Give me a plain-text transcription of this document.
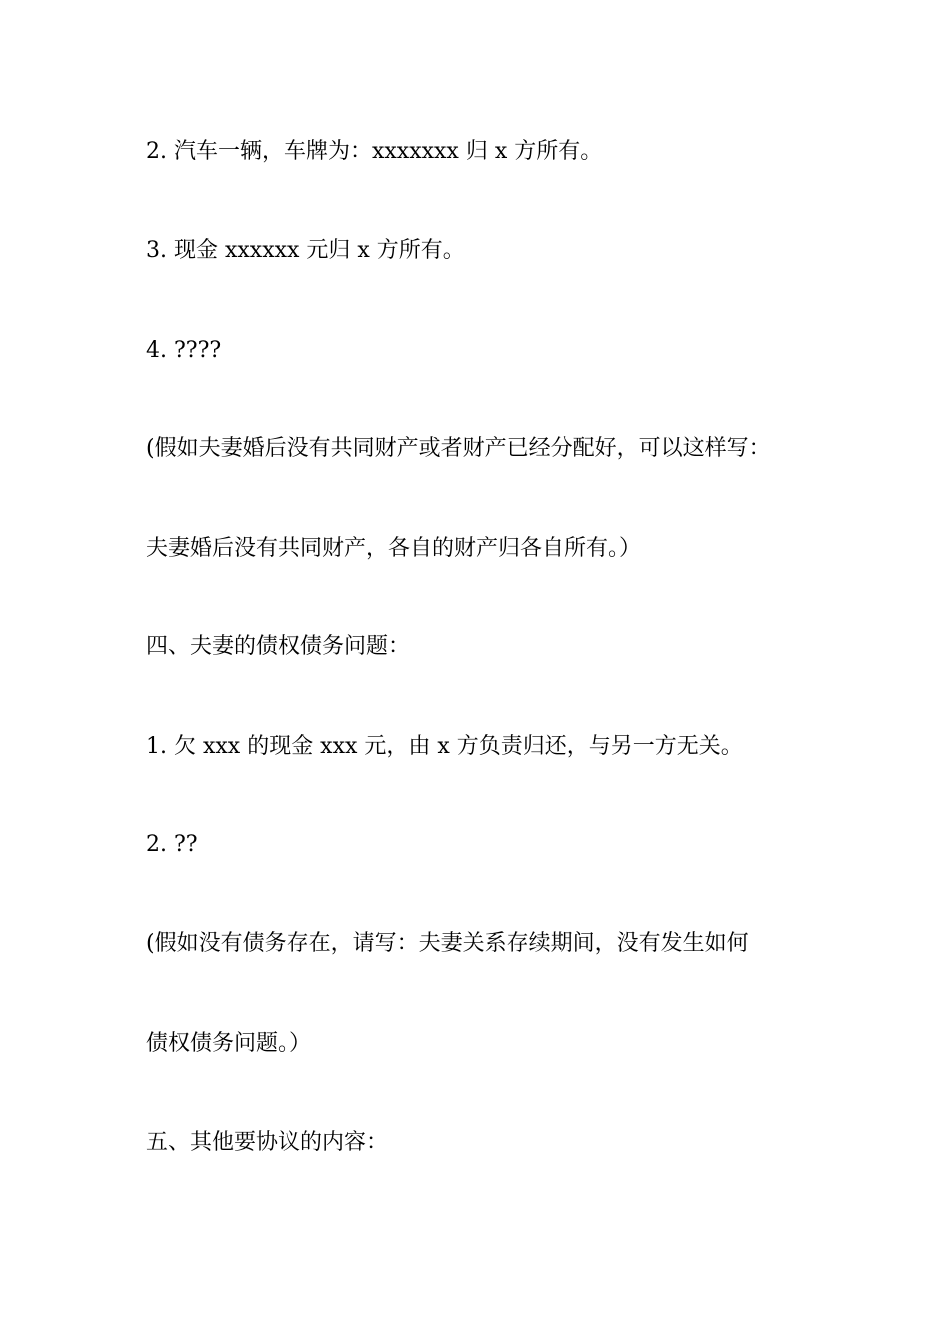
2. 汽车一辆，车牌为：xxxxxxx 归 x 方所有。
3. 现金 xxxxxx 元归 x 方所有。
4. ????
(假如夫妻婚后没有共同财产或者财产已经分配好，可以这样写：
夫妻婚后没有共同财产，各自的财产归各自所有。）
四、夫妻的债权债务问题：
1. 欠 xxx 的现金 xxx 元，由 x 方负责归还，与另一方无关。
2. ??
(假如没有债务存在，请写：夫妻关系存续期间，没有发生如何
债权债务问题。）
五、其他要协议的内容：
